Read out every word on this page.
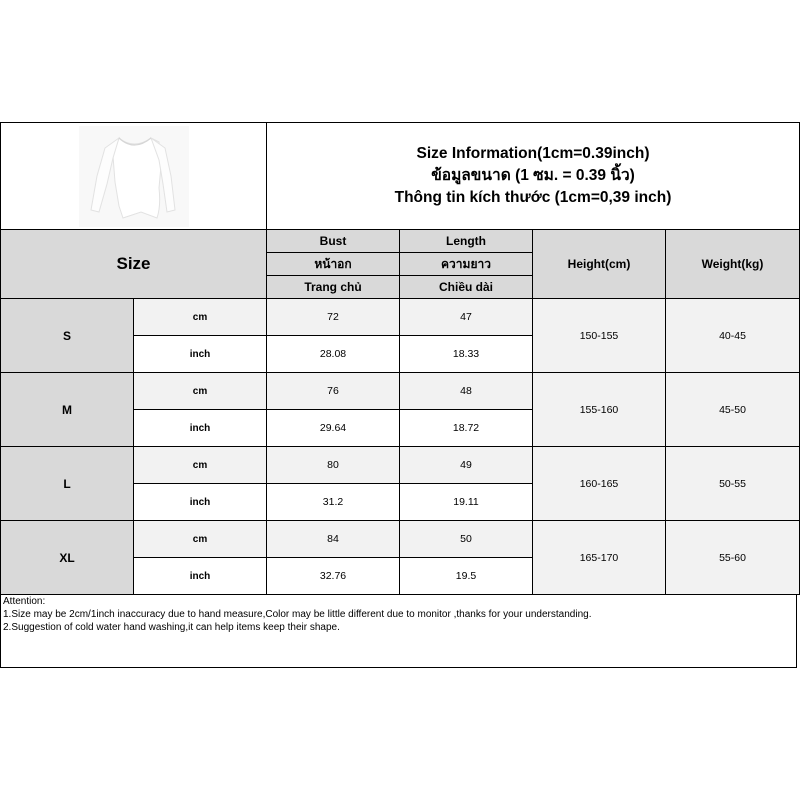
Size Information(1cm=0.39inch)
ข้อมูลขนาด (1 ซม. = 0.39 นิ้ว)
Thông tin kích thước (1cm=0,39 inch)			

Size		Bust	Length	Height(cm)	Weight(kg)
		หน้าอก	ความยาว		
		Trang chủ	Chiều dài		
S	cm	72	47	150-155	40-45
	inch	28.08	18.33		
M	cm	76	48	155-160	45-50
	inch	29.64	18.72		
L	cm	80	49	160-165	50-55
	inch	31.2	19.11		
XL	cm	84	50	165-170	55-60
	inch	32.76	19.5		
Attention:
1.Size may be 2cm/1inch inaccuracy due to hand measure,Color may be little different due to monitor ,thanks for your understanding.
2.Suggestion of cold water hand washing,it can help items keep their shape.
